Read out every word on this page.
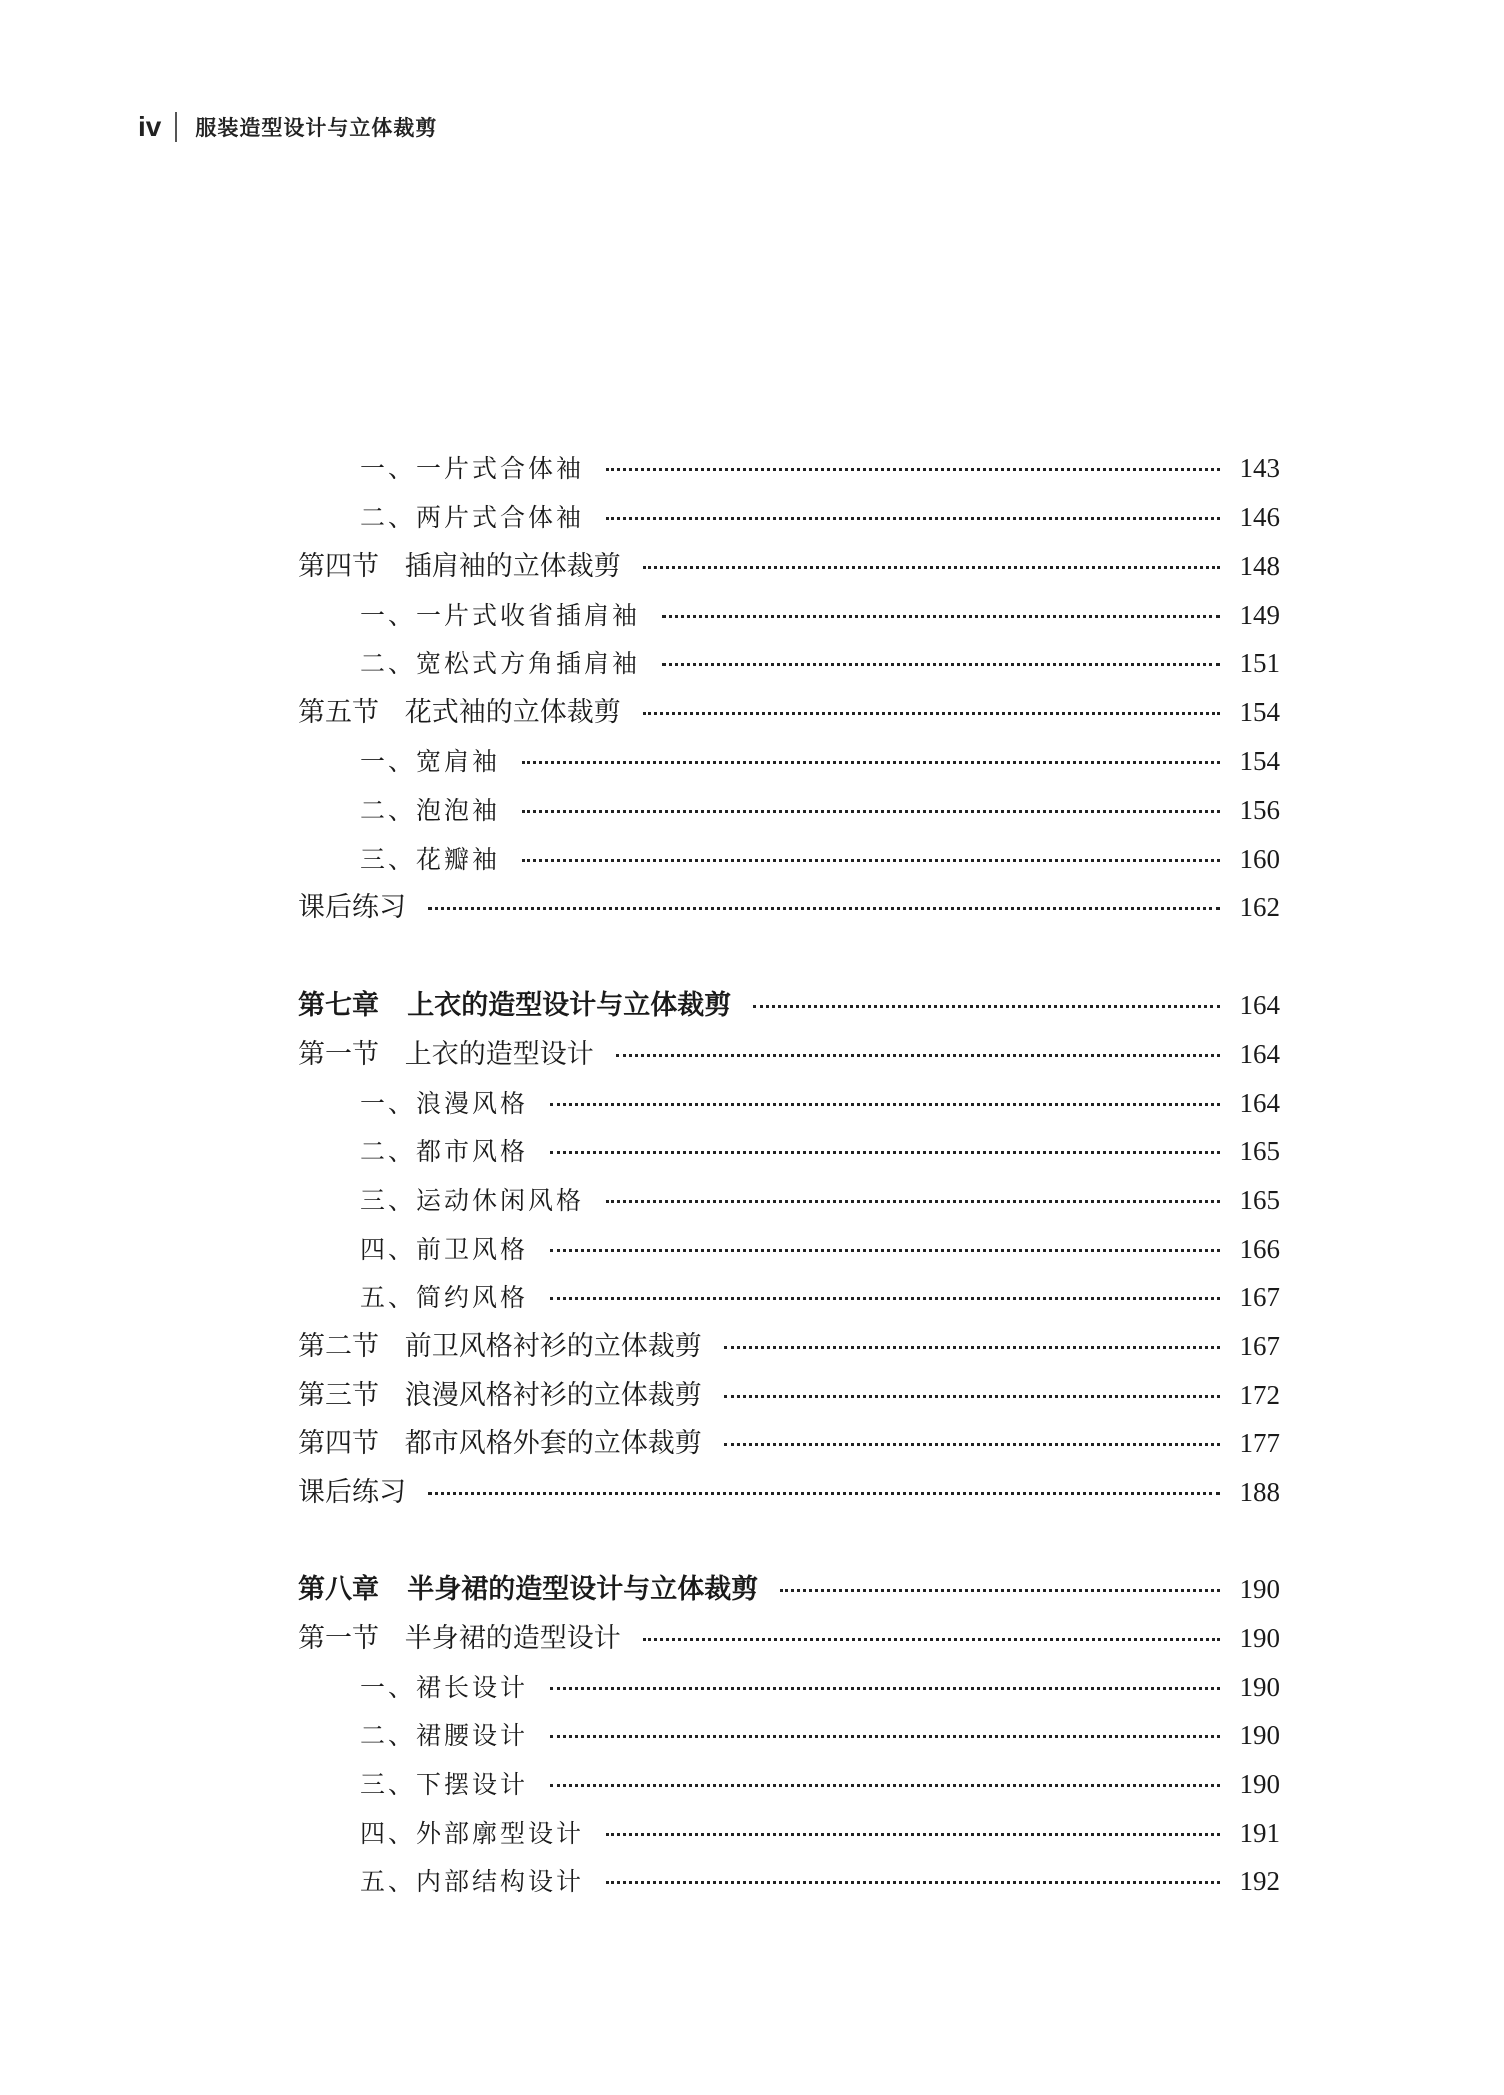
iv 服装造型设计与立体裁剪
一、一片式合体袖	143
二、两片式合体袖	146
第四节   插肩袖的立体裁剪	148
一、一片式收省插肩袖	149
二、宽松式方角插肩袖	151
第五节   花式袖的立体裁剪	154
一、宽肩袖	154
二、泡泡袖	156
三、花瓣袖	160
课后练习	162
第七章   上衣的造型设计与立体裁剪	164
第一节   上衣的造型设计	164
一、浪漫风格	164
二、都市风格	165
三、运动休闲风格	165
四、前卫风格	166
五、简约风格	167
第二节   前卫风格衬衫的立体裁剪	167
第三节   浪漫风格衬衫的立体裁剪	172
第四节   都市风格外套的立体裁剪	177
课后练习	188
第八章   半身裙的造型设计与立体裁剪	190
第一节   半身裙的造型设计	190
一、裙长设计	190
二、裙腰设计	190
三、下摆设计	190
四、外部廓型设计	191
五、内部结构设计	192
